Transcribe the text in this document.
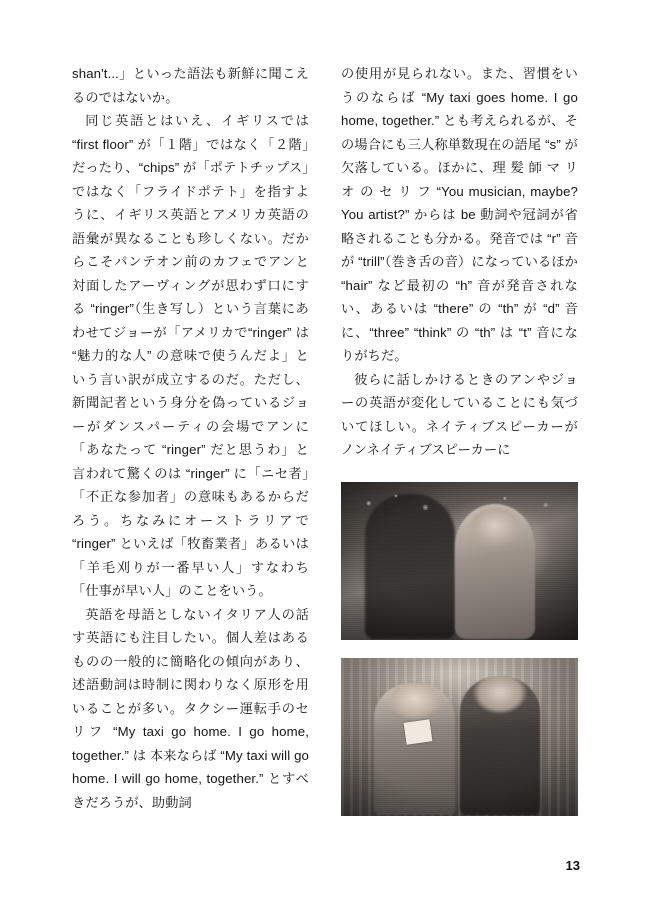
shan't...」といった語法も新鮮に聞こえるのではないか。

同じ英語とはいえ、イギリスでは “first floor” が「１階」ではなく「２階」だったり、“chips” が「ポテトチップス」ではなく「フライドポテト」を指すように、イギリス英語とアメリカ英語の語彙が異なることも珍しくない。だからこそパンテオン前のカフェでアンと対面したアーヴィングが思わず口にする “ringer”（生き写し）という言葉にあわせてジョーが「アメリカで“ringer” は “魅力的な人” の意味で使うんだよ」という言い訳が成立するのだ。ただし、新聞記者という身分を偽っているジョーがダンスパーティの会場でアンに「あなたって “ringer” だと思うわ」と言われて驚くのは “ringer” に「ニセ者」「不正な参加者」の意味もあるからだろう。ちなみにオーストラリアで “ringer” といえば「牧畜業者」あるいは「羊毛刈りが一番早い人」すなわち「仕事が早い人」のことをいう。

英語を母語としないイタリア人の話す英語にも注目したい。個人差はあるものの一般的に簡略化の傾向があり、述語動詞は時制に関わりなく原形を用いることが多い。タクシー運転手のセリフ “My taxi go home. I go home, together.” は 本来ならば “My taxi will go home. I will go home, together.” とすべきだろうが、助動詞

の使用が見られない。また、習慣をいうのならば “My taxi goes home. I go home, together.” とも考えられるが、その場合にも三人称単数現在の語尾 “s” が欠落している。ほかに、理 髪 師 マ リ オ の セ リ フ “You musician, maybe? You artist?” からは be 動詞や冠詞が省略されることも分かる。発音では “r” 音が “trill”（巻き舌の音）になっているほか “hair” など最初の “h” 音が発音されない、あるいは “there” の “th” が “d” 音に、“three” “think” の “th” は “t” 音になりがちだ。

彼らに話しかけるときのアンやジョーの英語が変化していることにも気づいてほしい。ネイティブスピーカーがノンネイティブスピーカーに

13
